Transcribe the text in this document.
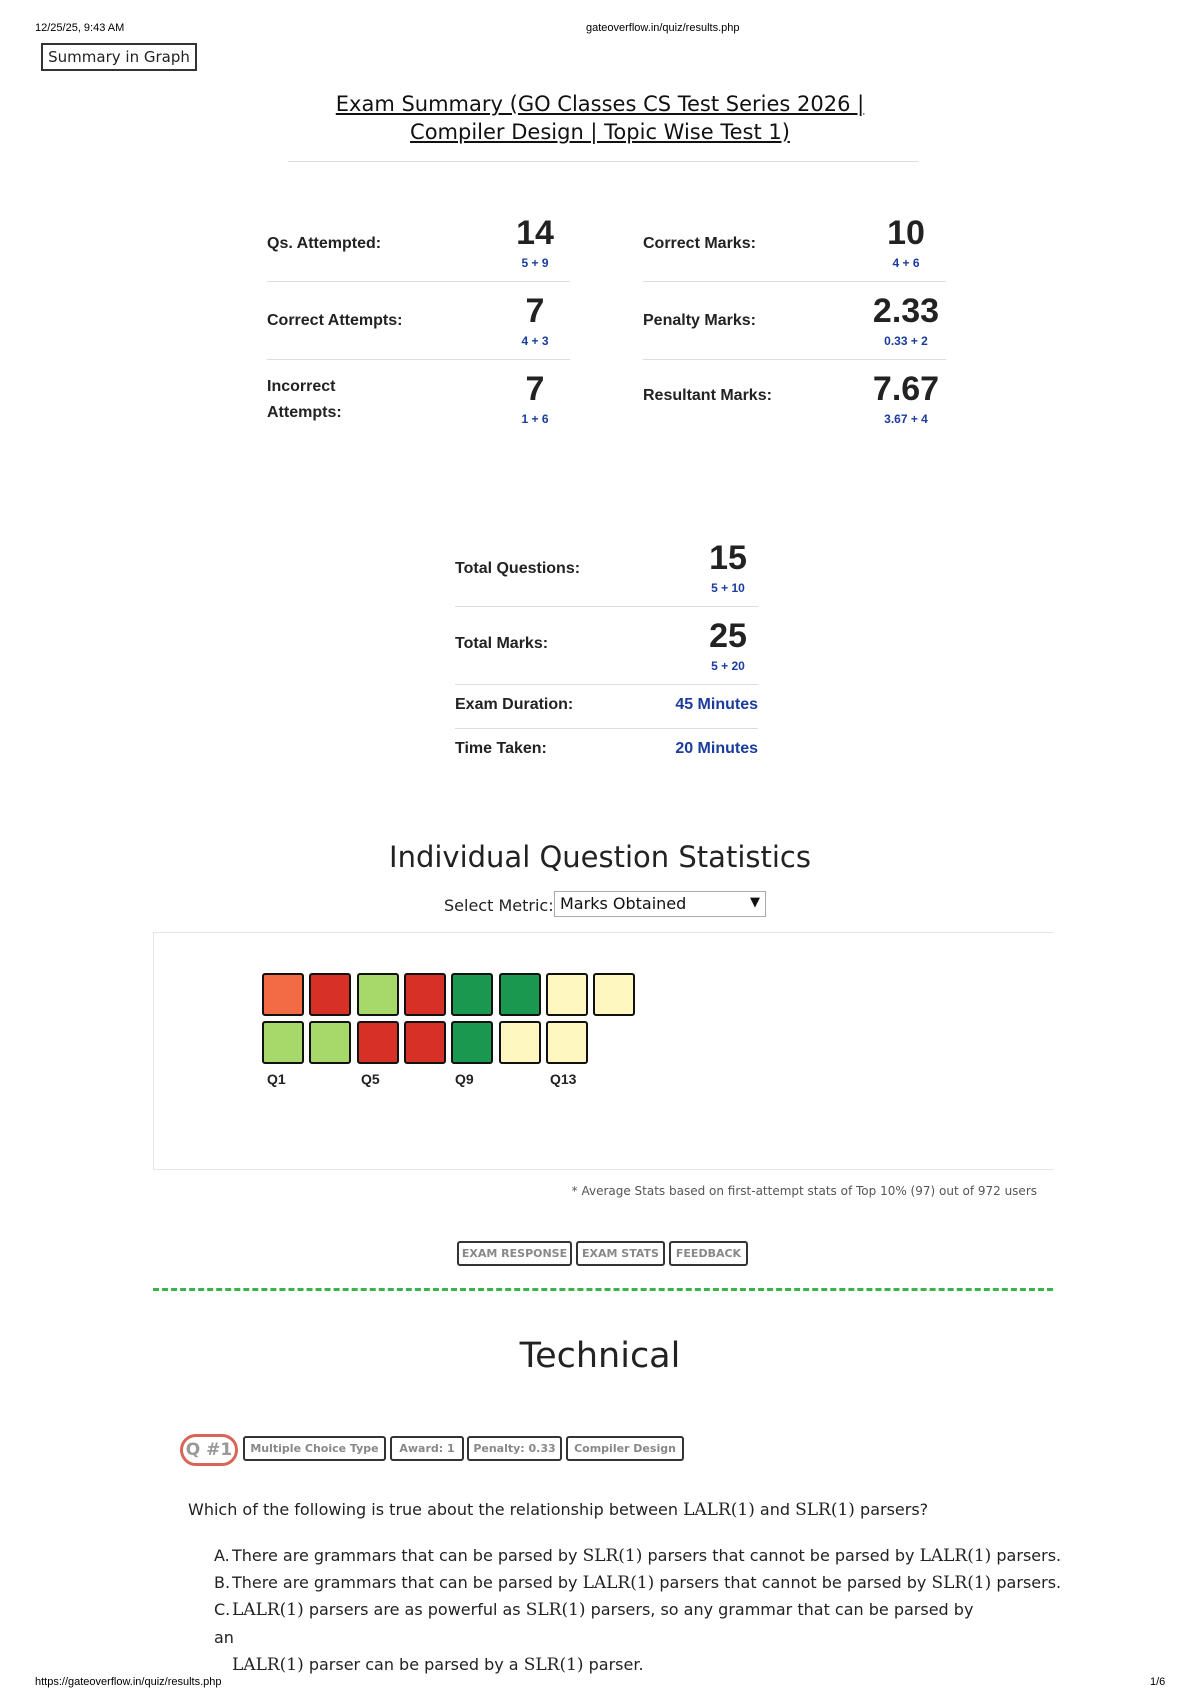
12/25/25, 9:43 AM	gateoverflow.in/quiz/results.php
https://gateoverflow.in/quiz/results.php	1/6
Summary in Graph
Exam Summary (GO Classes CS Test Series 2026 |
Compiler Design | Topic Wise Test 1)
Qs. Attempted:	14
5 + 9
Correct Attempts:	7
4 + 3
Incorrect Attempts:
7
1 + 6
Correct Marks:	10
4 + 6
Penalty Marks:	2.33
0.33 + 2
Resultant Marks:	7.67
3.67 + 4
Total Questions:	15
5 + 10
Total Marks:	25
5 + 20
Exam Duration:	45 Minutes
Time Taken:	20 Minutes
Individual Question Statistics
Select Metric: Marks Obtained	▼
Q1	Q5	Q9	Q13
* Average Stats based on first-attempt stats of Top 10% (97) out of 972 users
EXAM RESPONSE	EXAM STATS	FEEDBACK
Technical
Q #1	Multiple Choice Type	Award: 1	Penalty: 0.33	Compiler Design
Which of the following is true about the relationship between LALR(1) and SLR(1) parsers?
A. There are grammars that can be parsed by SLR(1) parsers that cannot be parsed by LALR(1) parsers.
B. There are grammars that can be parsed by LALR(1) parsers that cannot be parsed by SLR(1) parsers.
C. LALR(1) parsers are as powerful as SLR(1) parsers, so any grammar that can be parsed by an
LALR(1) parser can be parsed by a SLR(1) parser.
